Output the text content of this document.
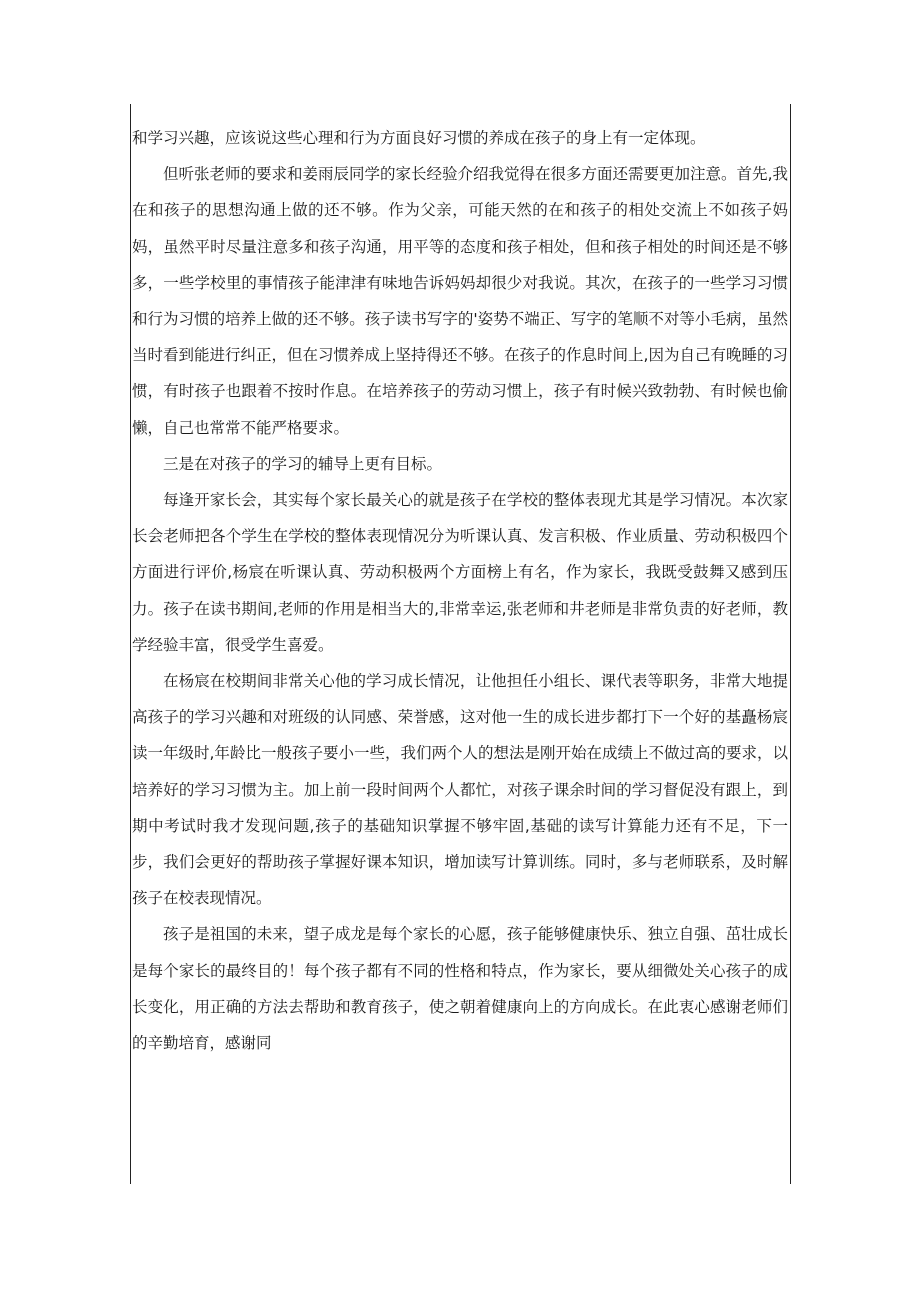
和学习兴趣，应该说这些心理和行为方面良好习惯的养成在孩子的身上有一定体现。

但听张老师的要求和姜雨辰同学的家长经验介绍我觉得在很多方面还需要更加注意。首先,我在和孩子的思想沟通上做的还不够。作为父亲，可能天然的在和孩子的相处交流上不如孩子妈妈，虽然平时尽量注意多和孩子沟通，用平等的态度和孩子相处，但和孩子相处的时间还是不够多，一些学校里的事情孩子能津津有味地告诉妈妈却很少对我说。其次，在孩子的一些学习习惯和行为习惯的培养上做的还不够。孩子读书写字的'姿势不端正、写字的笔顺不对等小毛病，虽然当时看到能进行纠正，但在习惯养成上坚持得还不够。在孩子的作息时间上,因为自己有晚睡的习惯，有时孩子也跟着不按时作息。在培养孩子的劳动习惯上，孩子有时候兴致勃勃、有时候也偷懒，自己也常常不能严格要求。

三是在对孩子的学习的辅导上更有目标。

每逢开家长会，其实每个家长最关心的就是孩子在学校的整体表现尤其是学习情况。本次家长会老师把各个学生在学校的整体表现情况分为听课认真、发言积极、作业质量、劳动积极四个方面进行评价,杨宸在听课认真、劳动积极两个方面榜上有名，作为家长，我既受鼓舞又感到压力。孩子在读书期间,老师的作用是相当大的,非常幸运,张老师和井老师是非常负责的好老师，教学经验丰富，很受学生喜爱。

在杨宸在校期间非常关心他的学习成长情况，让他担任小组长、课代表等职务，非常大地提高孩子的学习兴趣和对班级的认同感、荣誉感，这对他一生的成长进步都打下一个好的基矗杨宸读一年级时,年龄比一般孩子要小一些，我们两个人的想法是刚开始在成绩上不做过高的要求，以培养好的学习习惯为主。加上前一段时间两个人都忙，对孩子课余时间的学习督促没有跟上，到期中考试时我才发现问题,孩子的基础知识掌握不够牢固,基础的读写计算能力还有不足，下一步，我们会更好的帮助孩子掌握好课本知识，增加读写计算训练。同时，多与老师联系，及时解孩子在校表现情况。

孩子是祖国的未来，望子成龙是每个家长的心愿，孩子能够健康快乐、独立自强、茁壮成长是每个家长的最终目的！每个孩子都有不同的性格和特点，作为家长，要从细微处关心孩子的成长变化，用正确的方法去帮助和教育孩子，使之朝着健康向上的方向成长。在此衷心感谢老师们的辛勤培育，感谢同
